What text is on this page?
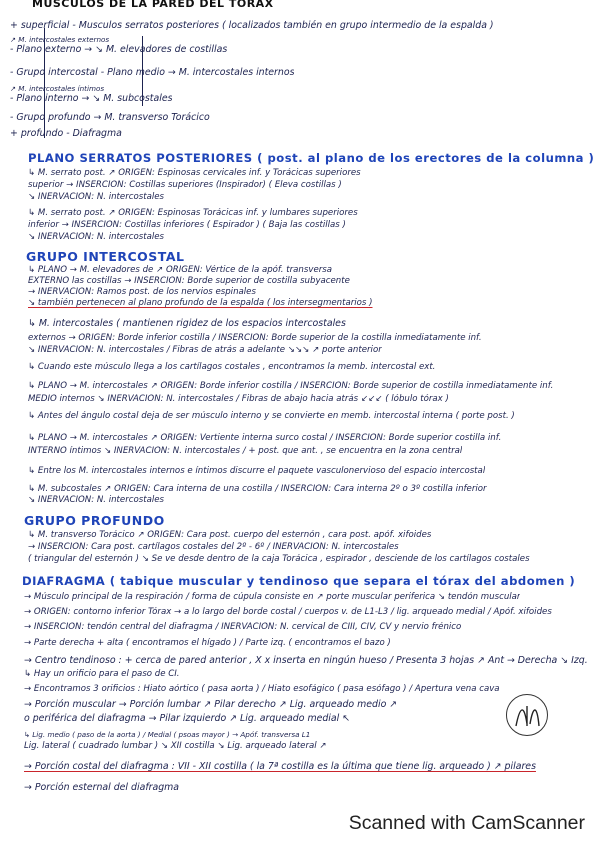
MUSCULOS DE LA PARED DEL TORAX
+ superficial - Musculos serratos posteriores ( localizados también en grupo intermedio de la espalda )
↗ M. intercostales externos
- Plano externo → ↘ M. elevadores de costillas
- Grupo intercostal - Plano medio → M. intercostales internos
↗ M. intercostales íntimos
- Plano interno → ↘ M. subcostales
- Grupo profundo → M. transverso Torácico
+ profundo - Diafragma
PLANO SERRATOS POSTERIORES ( post. al plano de los erectores de la columna )
↳ M. serrato post. ↗ ORIGEN: Espinosas cervicales inf. y Torácicas superiores
superior → INSERCIÓN: Costillas superiores (Inspirador) ( Eleva costillas )
↘ INERVACIÓN: N. intercostales
↳ M. serrato post. ↗ ORIGEN: Espinosas Torácicas inf. y lumbares superiores
inferior → INSERCIÓN: Costillas inferiores ( Espirador ) ( Baja las costillas )
↘ INERVACIÓN: N. intercostales
GRUPO INTERCOSTAL
↳ PLANO → M. elevadores de ↗ ORIGEN: Vértice de la apóf. transversa
EXTERNO las costillas → INSERCIÓN: Borde superior de costilla subyacente
→ INERVACIÓN: Ramos post. de los nervios espinales
↘ también pertenecen al plano profundo de la espalda ( los intersegmentarios )
↳ M. intercostales ( mantienen rigidez de los espacios intercostales
externos → ORIGEN: Borde inferior costilla / INSERCIÓN: Borde superior de la costilla inmediatamente inf.
↘ INERVACIÓN: N. intercostales / Fibras de atrás a adelante ↘↘↘ ↗ porte anterior
↳ Cuando este músculo llega a los cartílagos costales , encontramos la memb. intercostal ext.
↳ PLANO → M. intercostales ↗ ORIGEN: Borde inferior costilla / INSERCIÓN: Borde superior de costilla inmediatamente inf.
MEDIO internos ↘ INERVACIÓN: N. intercostales / Fibras de abajo hacia atrás ↙↙↙ ( lóbulo tórax )
↳ Antes del ángulo costal deja de ser músculo interno y se convierte en memb. intercostal interna ( porte post. )
↳ PLANO → M. intercostales ↗ ORIGEN: Vertiente interna surco costal / INSERCIÓN: Borde superior costilla inf.
INTERNO íntimos ↘ INERVACIÓN: N. intercostales / + post. que ant. , se encuentra en la zona central
↳ Entre los M. intercostales internos e íntimos discurre el paquete vasculonervioso del espacio intercostal
↳ M. subcostales ↗ ORIGEN: Cara interna de una costilla / INSERCIÓN: Cara interna 2º o 3º costilla inferior
↘ INERVACIÓN: N. intercostales
GRUPO PROFUNDO
↳ M. transverso Torácico ↗ ORIGEN: Cara post. cuerpo del esternón , cara post. apóf. xifoides
→ INSERCIÓN: Cara post. cartílagos costales del 2º - 6º / INERVACIÓN: N. intercostales
( triangular del esternón ) ↘ Se ve desde dentro de la caja Torácica , espirador , desciende de los cartílagos costales
DIAFRAGMA ( tabique muscular y tendinoso que separa el tórax del abdomen )
→ Músculo principal de la respiración / forma de cúpula consiste en ↗ porte muscular periferica ↘ tendón muscular
→ ORIGEN: contorno inferior Tórax → a lo largo del borde costal / cuerpos v. de L1-L3 / lig. arqueado medial / Apóf. xifoides
→ INSERCIÓN: tendón central del diafragma / INERVACIÓN: N. cervical de CIII, CIV, CV y nervio frénico
→ Parte derecha + alta ( encontramos el hígado ) / Parte izq. ( encontramos el bazo )
→ Centro tendinoso : + cerca de pared anterior , X x inserta en ningún hueso / Presenta 3 hojas ↗ Ant → Derecha ↘ Izq.
↳ Hay un orificio para el paso de CI.
→ Encontramos 3 orificios : Hiato aórtico ( pasa aorta ) / Hiato esofágico ( pasa esófago ) / Apertura vena cava
→ Porción muscular → Porción lumbar ↗ Pilar derecho ↗ Lig. arqueado medio ↗
o periférica del diafragma → Pilar izquierdo ↗ Lig. arqueado medial ↖
↳ Lig. medio ( paso de la aorta ) / Medial ( psoas mayor ) → Apóf. transversa L1
Lig. lateral ( cuadrado lumbar ) ↘ XII costilla ↘ Lig. arqueado lateral ↗
→ Porción costal del diafragma : VII - XII costilla ( la 7ª costilla es la última que tiene lig. arqueado ) ↗ pilares
→ Porción esternal del diafragma
Scanned with CamScanner
